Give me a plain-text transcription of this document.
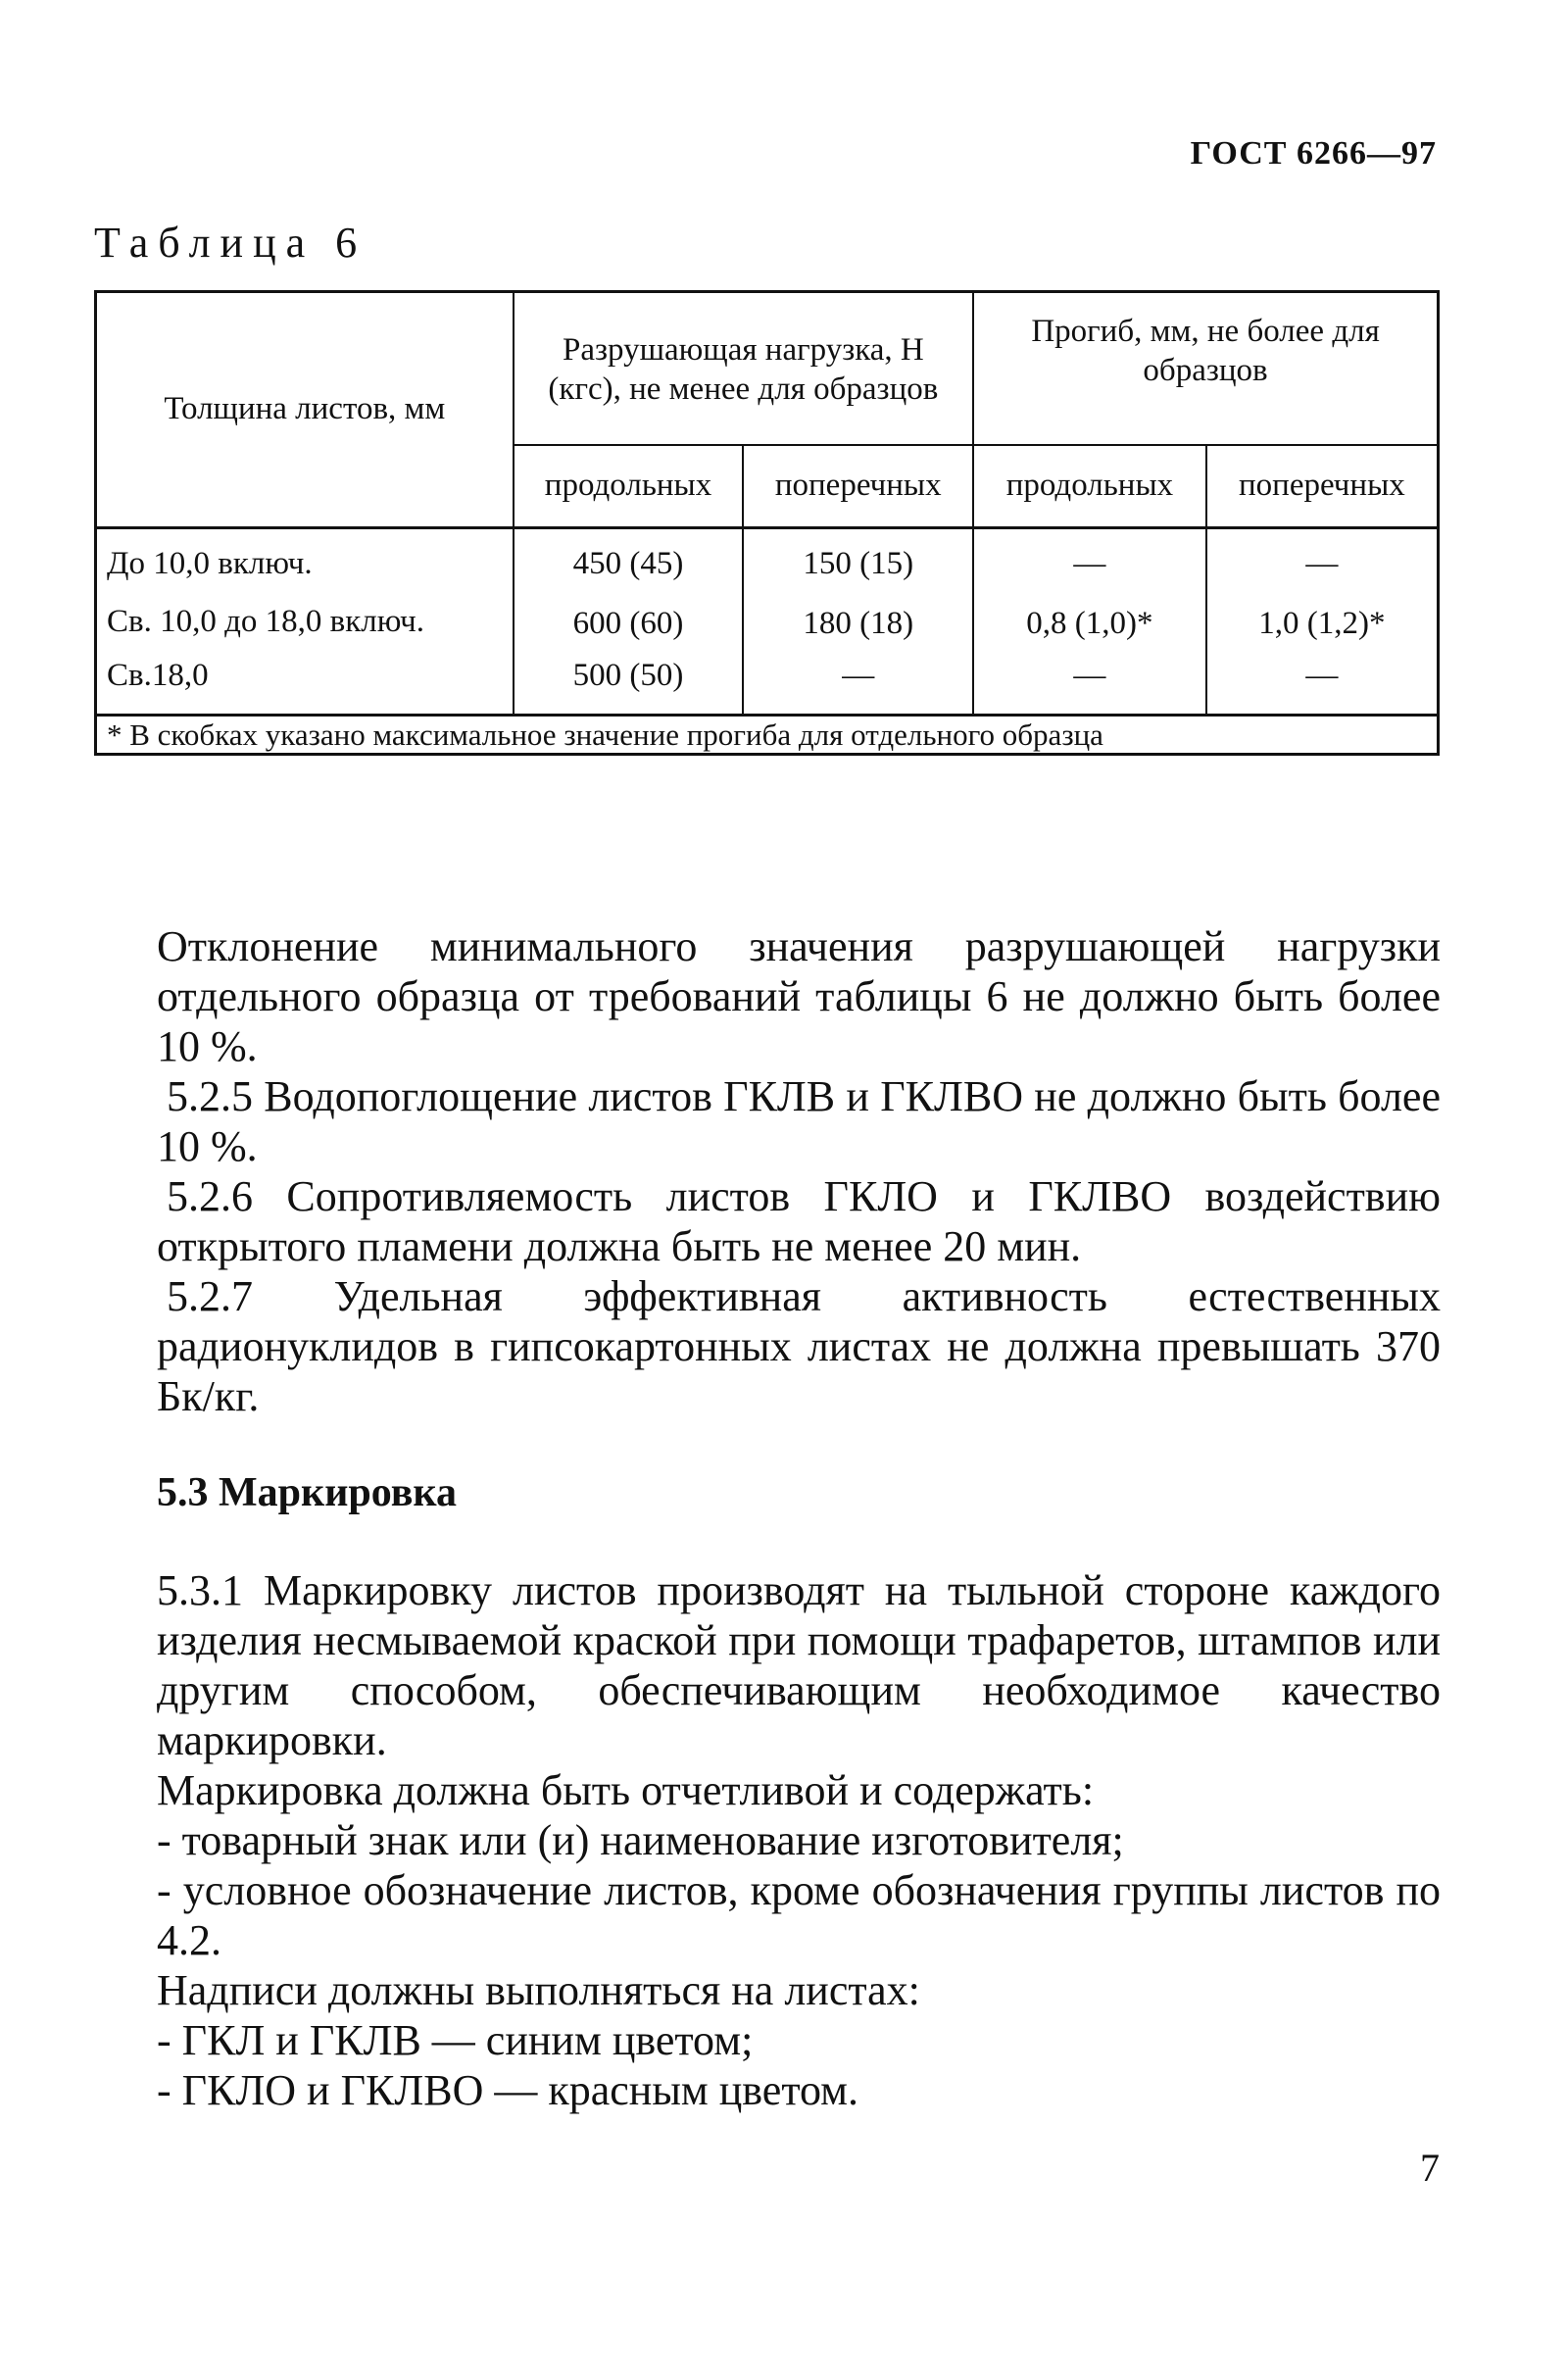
ГОСТ 6266—97
Таблица 6
Толщина листов, мм	Разрушающая нагрузка, Н (кгс), не менее для образцов		Прогиб, мм, не более для образцов	
	продольных	поперечных	продольных	поперечных
До 10,0 включ.	450 (45)	150 (15)	—	—
Св. 10,0 до 18,0 включ.	600 (60)	180 (18)	0,8 (1,0)*	1,0 (1,2)*
Св.18,0	500 (50)	—	—	—
* В скобках указано максимальное значение прогиба для отдельного образца				

Отклонение минимального значения разрушающей нагрузки отдельного образца от требований таблицы 6 не должно быть более 10 %.

5.2.5 Водопоглощение листов ГКЛВ и ГКЛВО не должно быть более 10 %.

5.2.6 Сопротивляемость листов ГКЛО и ГКЛВО воздействию открытого пламени должна быть не менее 20 мин.

5.2.7 Удельная эффективная активность естественных радионуклидов в гипсокартонных листах не должна превышать 370 Бк/кг.

5.3 Маркировка

5.3.1 Маркировку листов производят на тыльной стороне каждого изделия несмываемой краской при помощи трафаретов, штампов или другим способом, обеспечивающим необходимое качество маркировки.

Маркировка должна быть отчетливой и содержать:

- товарный знак или (и) наименование изготовителя;

- условное обозначение листов, кроме обозначения группы листов по 4.2.

Надписи должны выполняться на листах:

- ГКЛ и ГКЛВ — синим цветом;

- ГКЛО и ГКЛВО — красным цветом.

7
